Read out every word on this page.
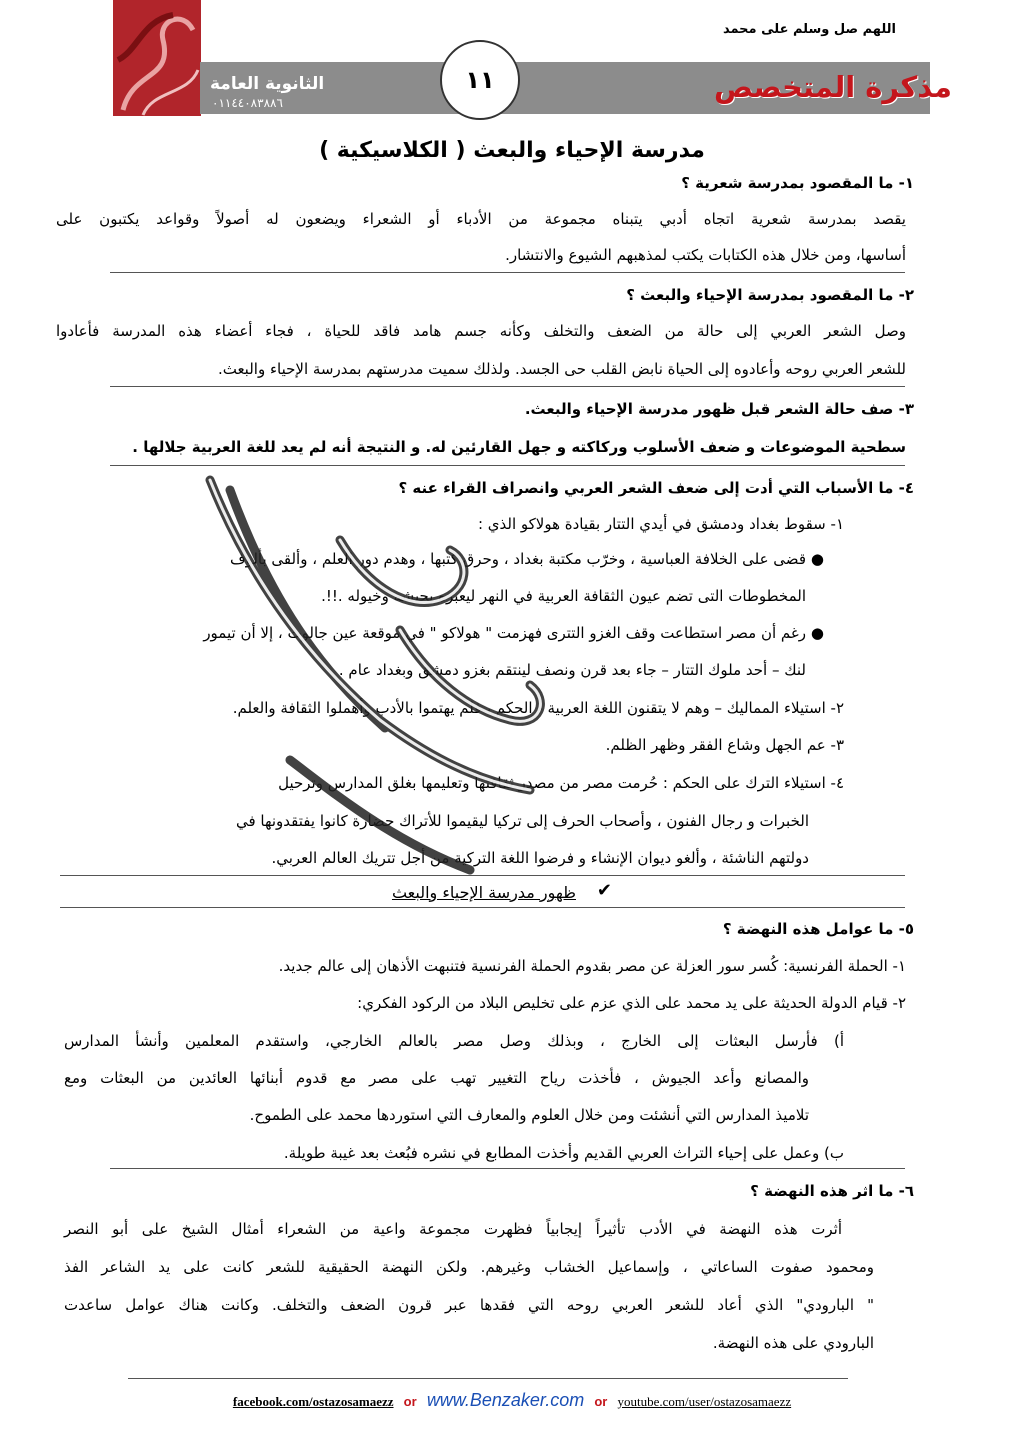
اللهم صل وسلم على محمد
مذكرة المتخصص
الثانوية العامة
٠١١٤٤٠٨٣٨٨٦
١١
مدرسة الإحياء والبعث ( الكلاسيكية )
١- ما المقصود بمدرسة شعرية ؟
يقصد بمدرسة شعرية اتجاه أدبي يتبناه مجموعة من الأدباء أو الشعراء ويضعون له أصولاً وقواعد يكتبون على
أساسها، ومن خلال هذه الكتابات يكتب لمذهبهم الشيوع والانتشار.
٢- ما المقصود بمدرسة الإحياء والبعث ؟
وصل الشعر العربي إلى حالة من الضعف والتخلف وكأنه جسم هامد فاقد للحياة ، فجاء أعضاء هذه المدرسة فأعادوا
للشعر العربي روحه وأعادوه إلى الحياة نابض القلب حى الجسد. ولذلك سميت مدرستهم بمدرسة الإحياء والبعث.
٣- صف حالة الشعر قبل ظهور مدرسة الإحياء والبعث.
سطحية الموضوعات و ضعف الأسلوب وركاكته و جهل القارئين له. و النتيجة أنه لم يعد للغة العربية جلالها .
٤- ما الأسباب التي أدت إلى ضعف الشعر العربي وانصراف القراء عنه ؟
١- سقوط بغداد ودمشق في أيدي التتار بقيادة هولاكو الذي :
●
قضى على الخلافة العباسية ، وخرّب مكتبة بغداد ، وحرق كتبها ، وهدم دور العلم ، وألقى بألوف
المخطوطات التى تضم عيون الثقافة العربية في النهر ليعبره بجيشه وخيوله .!!.
●
رغم أن مصر استطاعت وقف الغزو التترى فهزمت " هولاكو " في موقعة عين جالوت ، إلا أن تيمور
لنك – أحد ملوك التتار – جاء بعد قرن ونصف لينتقم بغزو دمشق وبغداد عام .
٢- استيلاء المماليك – وهم لا يتقنون اللغة العربية - الحكم ، فلم يهتموا بالأدب وأهملوا الثقافة والعلم.
٣- عم الجهل وشاع الفقر وظهر الظلم.
٤- استيلاء الترك على الحكم : حُرمت مصر من مصدر ثقافتها وتعليمها بغلق المدارس وترحيل
الخبرات و رجال الفنون ، وأصحاب الحرف إلى تركيا ليقيموا للأتراك حضارة كانوا يفتقدونها في
دولتهم الناشئة ، وألغو ديوان الإنشاء و فرضوا اللغة التركية من أجل تتريك العالم العربي.
✔
ظهور مدرسة الإحياء والبعث
٥- ما عوامل هذه النهضة ؟
١- الحملة الفرنسية: كُسر سور العزلة عن مصر بقدوم الحملة الفرنسية فتنبهت الأذهان إلى عالم جديد.
٢- قيام الدولة الحديثة على يد محمد على الذي عزم على تخليص البلاد من الركود الفكري:
أ) فأرسل البعثات إلى الخارج ، وبذلك وصل مصر بالعالم الخارجي، واستقدم المعلمين وأنشأ المدارس
والمصانع وأعد الجيوش ، فأخذت رياح التغيير تهب على مصر مع قدوم أبنائها العائدين من البعثات ومع
تلاميذ المدارس التي أنشئت ومن خلال العلوم والمعارف التي استوردها محمد على الطموح.
ب) وعمل على إحياء التراث العربي القديم وأخذت المطابع في نشره فبُعث بعد غيبة طويلة.
٦- ما اثر هذه النهضة ؟
أثرت هذه النهضة في الأدب تأثيراً إيجابياً فظهرت مجموعة واعية من الشعراء أمثال الشيخ على أبو النصر
ومحمود صفوت الساعاتي ، وإسماعيل الخشاب وغيرهم. ولكن النهضة الحقيقية للشعر كانت على يد الشاعر الفذ
" البارودي" الذي أعاد للشعر العربي روحه التي فقدها عبر قرون الضعف والتخلف. وكانت هناك عوامل ساعدت
البارودي على هذه النهضة.
facebook.com/ostazosamaezz or www.Benzaker.com or youtube.com/user/ostazosamaezz
